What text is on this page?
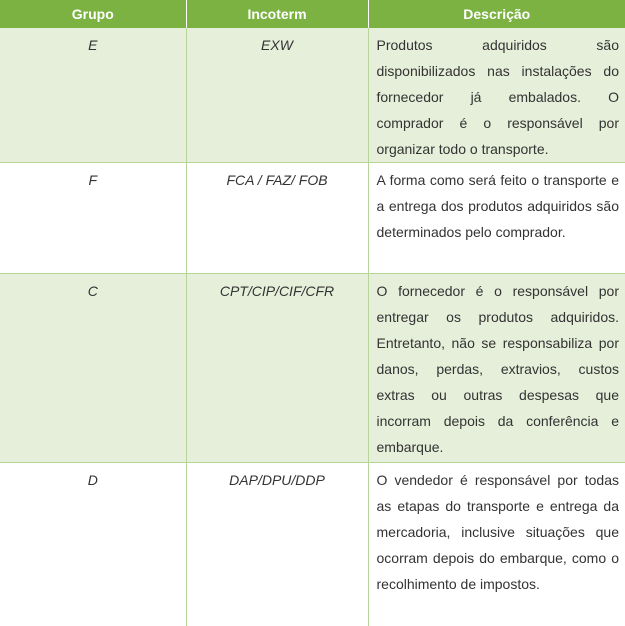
Grupo	Incoterm	Descrição
E	EXW	Produtos adquiridos são disponibilizados nas instalações do fornecedor já embalados. O comprador é o responsável por organizar todo o transporte.
F	FCA / FAZ/ FOB	A forma como será feito o transporte e a entrega dos produtos adquiridos são determinados pelo comprador.
C	CPT/CIP/CIF/CFR	O fornecedor é o responsável por entregar os produtos adquiridos. Entretanto, não se responsabiliza por danos, perdas, extravios, custos extras ou outras despesas que incorram depois da conferência e embarque.
D	DAP/DPU/DDP	O vendedor é responsável por todas as etapas do transporte e entrega da mercadoria, inclusive situações que ocorram depois do embarque, como o recolhimento de impostos.
